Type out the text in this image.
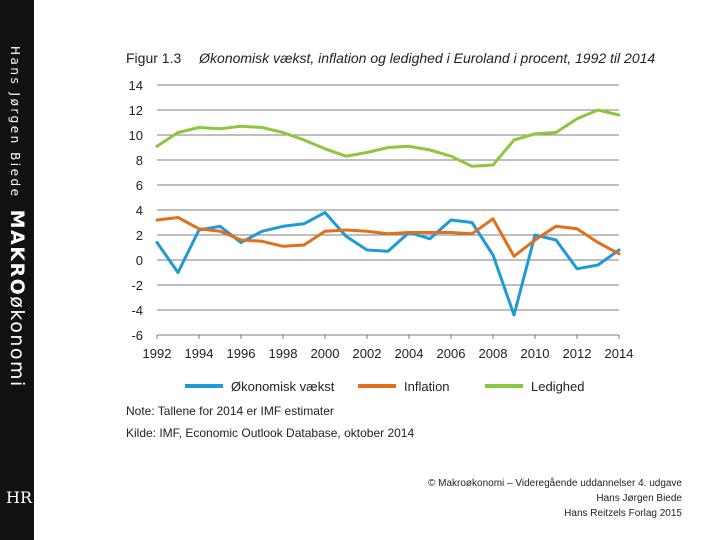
Hans Jørgen Biede MAKROøkonomi
HR
Figur 1.3 Økonomisk vækst, inflation og ledighed i Euroland i procent, 1992 til 2014
14
12
10
8
6
4
2
0
-2
-4
-6
1992 1994 1996 1998 2000 2002 2004 2006 2008 2010 2012 2014
Økonomisk vækst	Inflation	Ledighed
Note: Tallene for 2014 er IMF estimater
Kilde: IMF, Economic Outlook Database, oktober 2014
© Makroøkonomi – Videregående uddannelser 4. udgave
Hans Jørgen Biede
Hans Reitzels Forlag 2015
